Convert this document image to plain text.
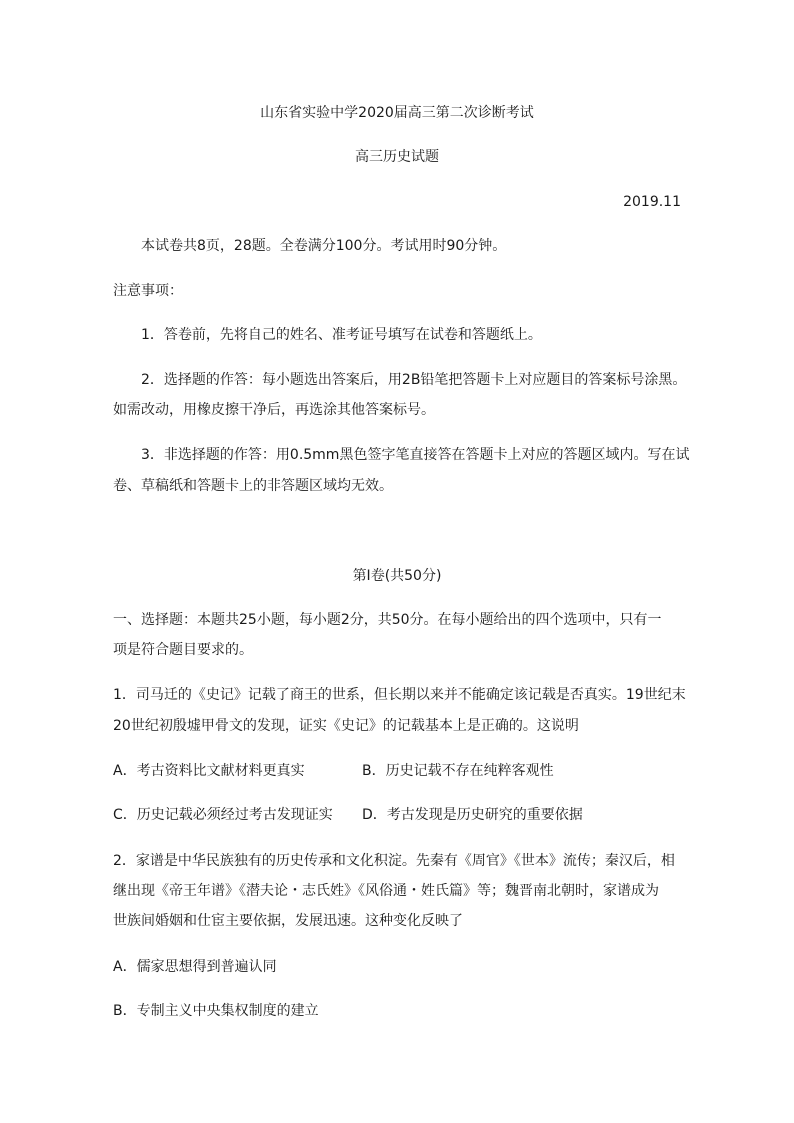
山东省实验中学2020届高三第二次诊断考试
高三历史试题
2019.11
本试卷共8页，28题。全卷满分100分。考试用时90分钟。
注意事项：
1．答卷前，先将自己的姓名、准考证号填写在试卷和答题纸上。
2．选择题的作答：每小题选出答案后，用2B铅笔把答题卡上对应题目的答案标号涂黑。
如需改动，用橡皮擦干净后，再选涂其他答案标号。
3．非选择题的作答：用0.5mm黑色签字笔直接答在答题卡上对应的答题区域内。写在试
卷、草稿纸和答题卡上的非答题区域均无效。
第I卷(共50分)
一、选择题：本题共25小题，每小题2分，共50分。在每小题给出的四个选项中，只有一
项是符合题目要求的。
1．司马迁的《史记》记载了商王的世系，但长期以来并不能确定该记载是否真实。19世纪末
20世纪初殷墟甲骨文的发现，证实《史记》的记载基本上是正确的。这说明
A．考古资料比文献材料更真实	B．历史记载不存在纯粹客观性
C．历史记载必须经过考古发现证实 D．考古发现是历史研究的重要依据
2．家谱是中华民族独有的历史传承和文化积淀。先秦有《周官》《世本》流传；秦汉后，相
继出现《帝王年谱》《潜夫论・志氏姓》《风俗通・姓氏篇》等；魏晋南北朝时，家谱成为
世族间婚姻和仕宦主要依据，发展迅速。这种变化反映了
A．儒家思想得到普遍认同
B．专制主义中央集权制度的建立
